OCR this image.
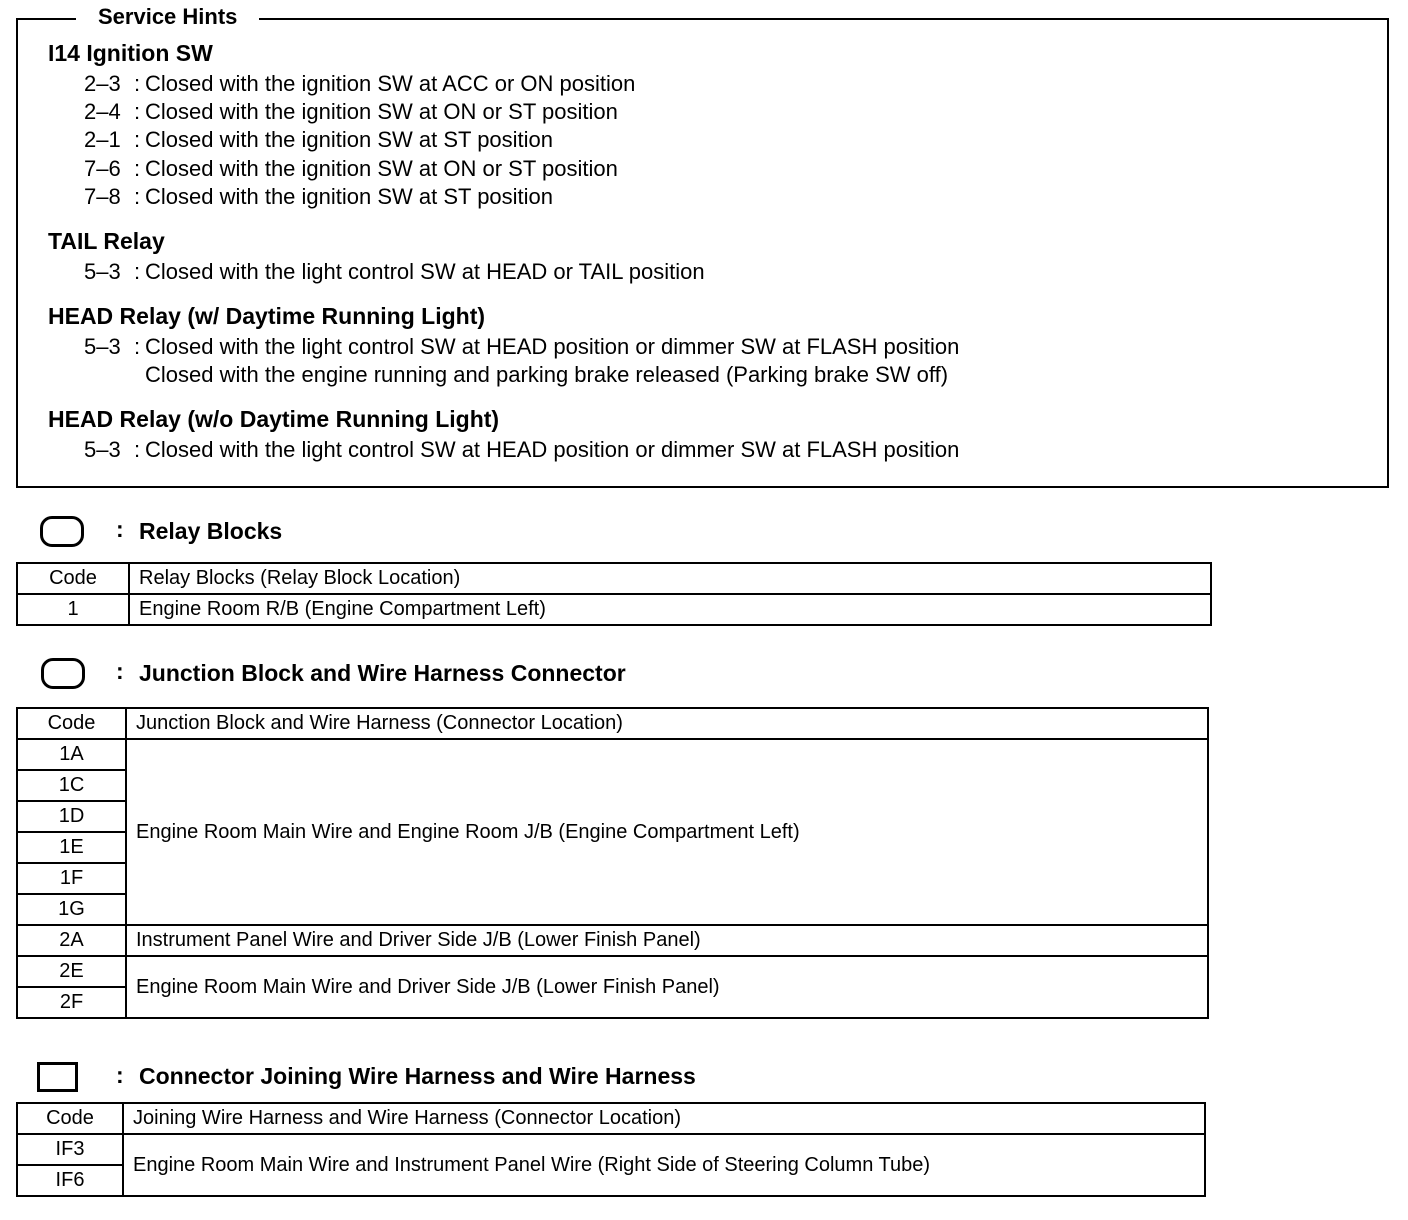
Service Hints
I14 Ignition SW
2–3 : Closed with the ignition SW at ACC or ON position
2–4 : Closed with the ignition SW at ON or ST position
2–1 : Closed with the ignition SW at ST position
7–6 : Closed with the ignition SW at ON or ST position
7–8 : Closed with the ignition SW at ST position
TAIL Relay
5–3 : Closed with the light control SW at HEAD or TAIL position
HEAD Relay (w/ Daytime Running Light)
5–3 : Closed with the light control SW at HEAD position or dimmer SW at FLASH position
Closed with the engine running and parking brake released (Parking brake SW off)
HEAD Relay (w/o Daytime Running Light)
5–3 : Closed with the light control SW at HEAD position or dimmer SW at FLASH position
: Relay Blocks
Code	Relay Blocks (Relay Block Location)
1	Engine Room R/B (Engine Compartment Left)
: Junction Block and Wire Harness Connector
Code	Junction Block and Wire Harness (Connector Location)
1A	Engine Room Main Wire and Engine Room J/B (Engine Compartment Left)
1C	
1D	
1E	
1F	
1G	
2A	Instrument Panel Wire and Driver Side J/B (Lower Finish Panel)
2E	Engine Room Main Wire and Driver Side J/B (Lower Finish Panel)
2F	
: Connector Joining Wire Harness and Wire Harness
Code	Joining Wire Harness and Wire Harness (Connector Location)
IF3	Engine Room Main Wire and Instrument Panel Wire (Right Side of Steering Column Tube)
IF6	
